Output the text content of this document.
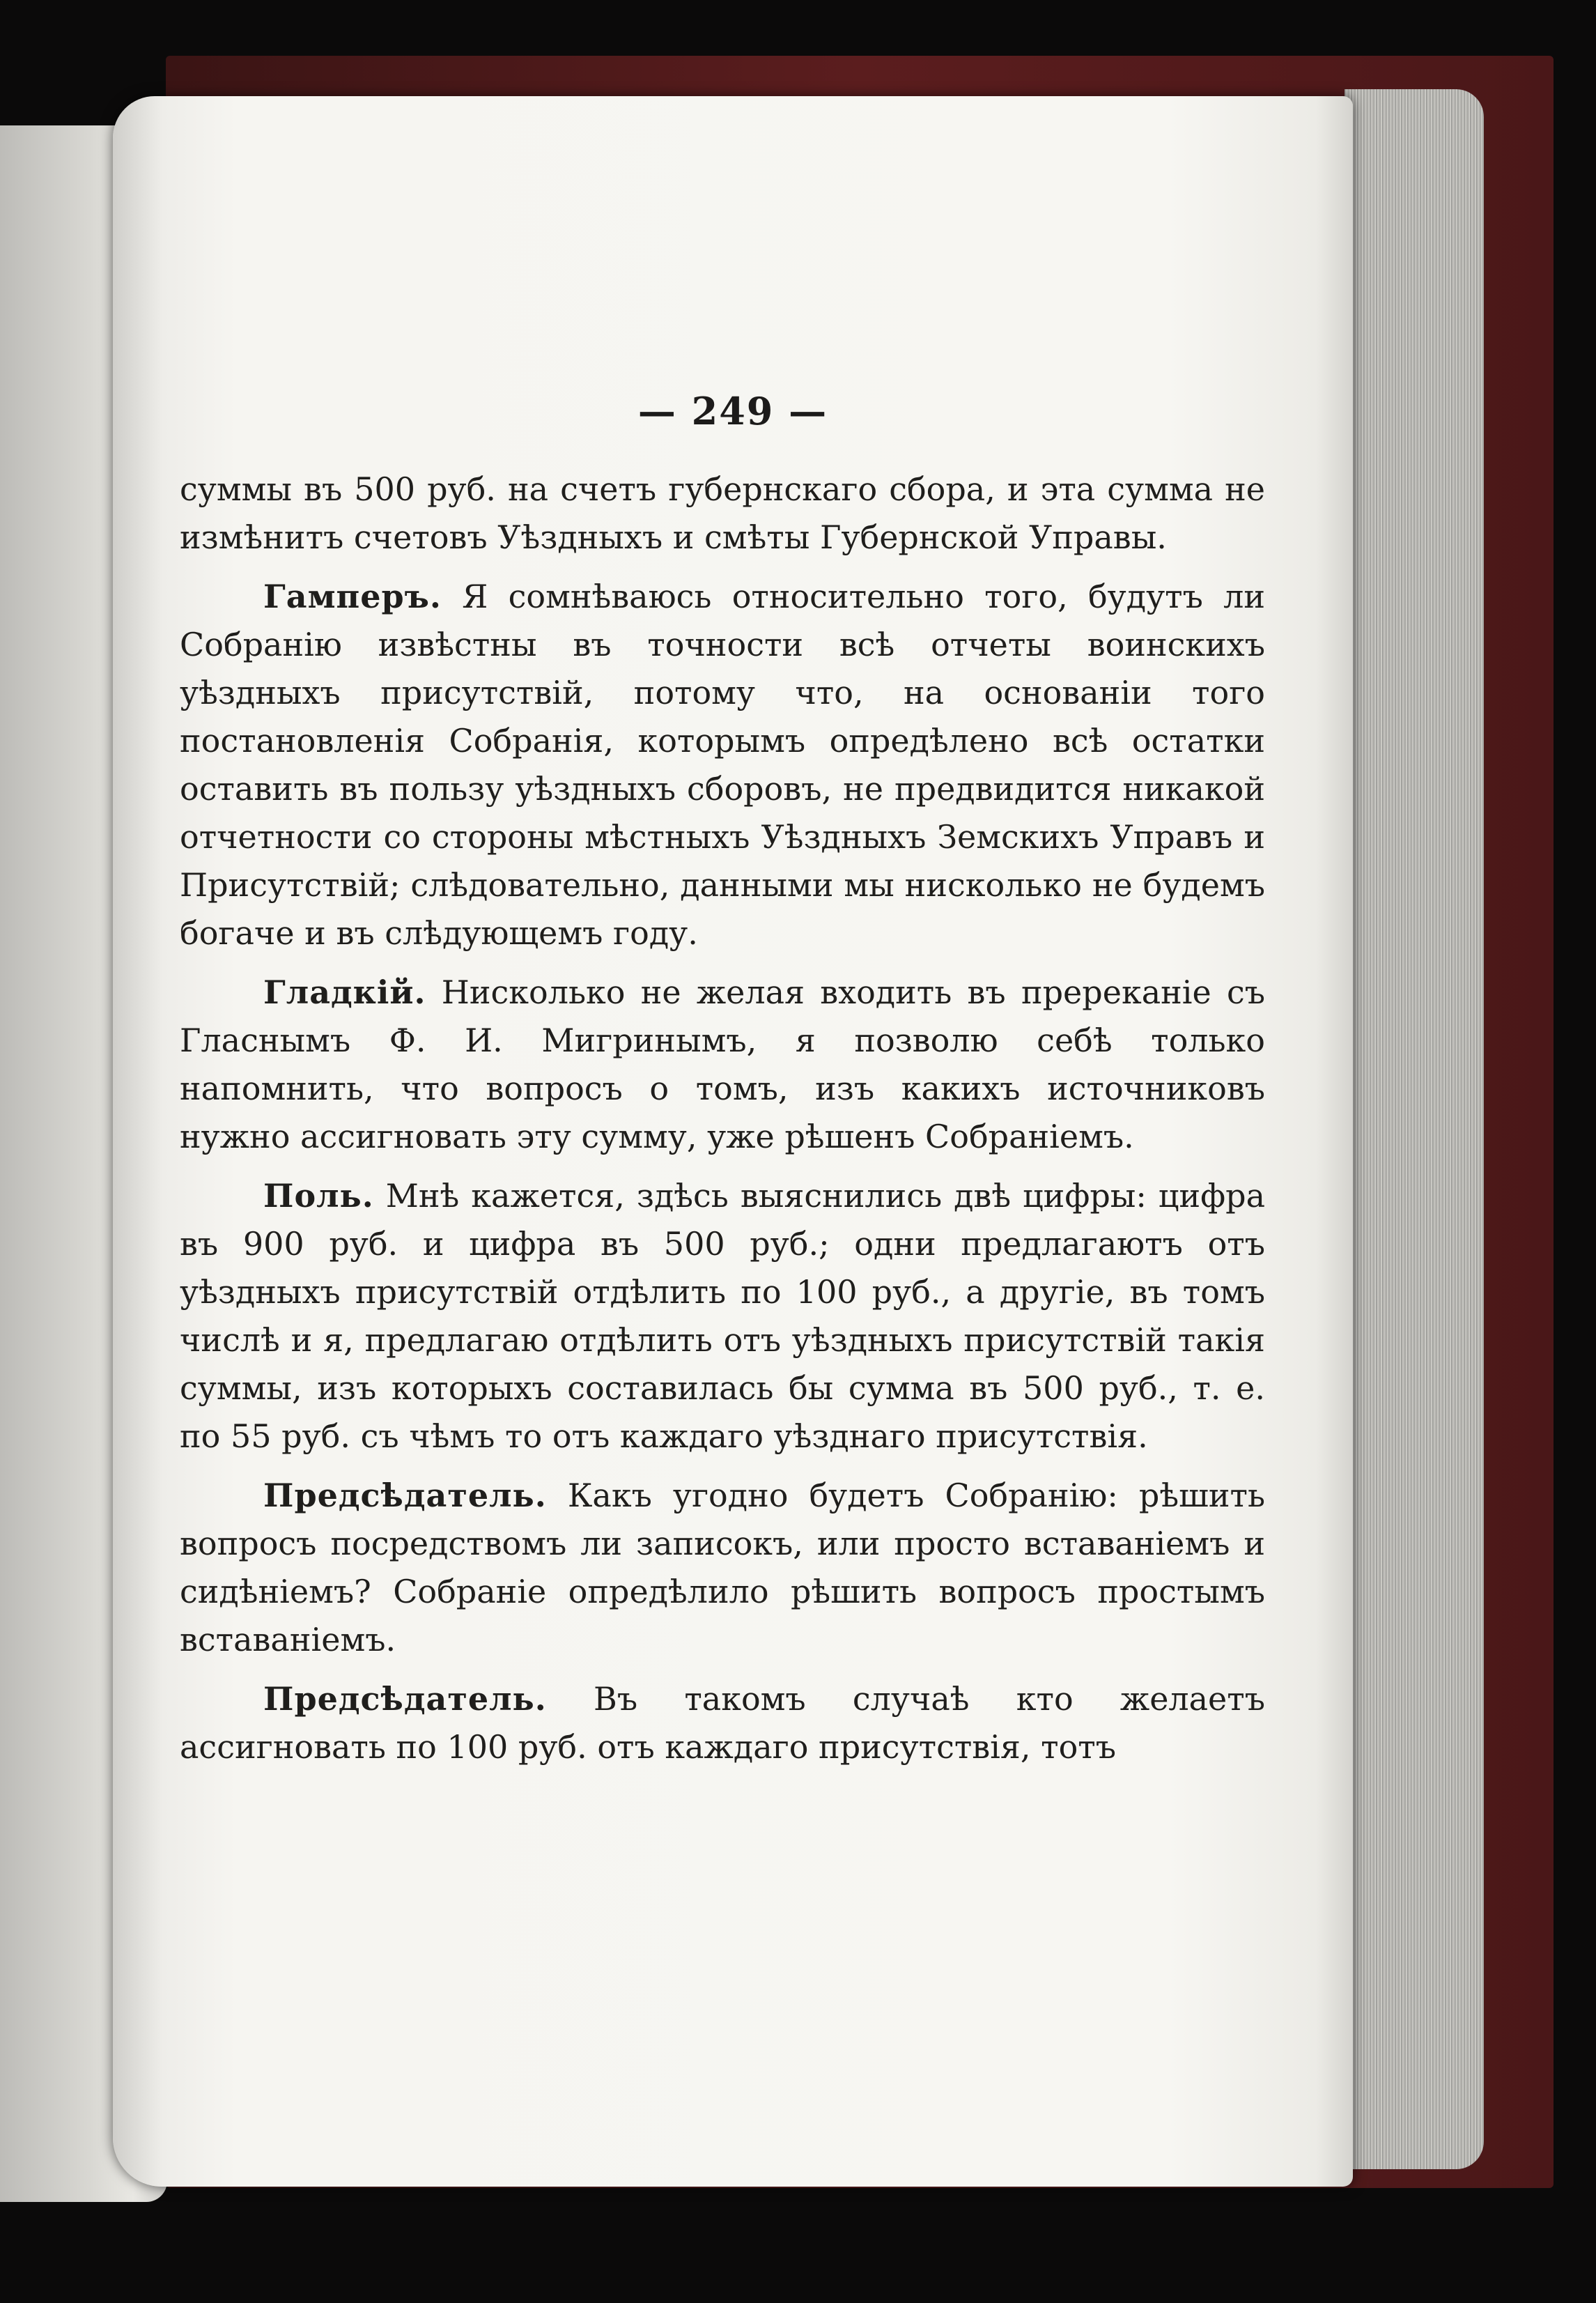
— 249 —

суммы въ 500 руб. на счетъ губернскаго сбора, и эта сумма не измѣнитъ счетовъ Уѣздныхъ и смѣты Губернской Управы.

Гамперъ. Я сомнѣваюсь относительно того, будутъ ли Собранію извѣстны въ точности всѣ отчеты воинскихъ уѣздныхъ присутствій, потому что, на основаніи того постановленія Собранія, которымъ опредѣлено всѣ остатки оставить въ пользу уѣздныхъ сборовъ, не предвидится никакой отчетности со стороны мѣстныхъ Уѣздныхъ Земскихъ Управъ и Присутствій; слѣдовательно, данными мы нисколько не будемъ богаче и въ слѣдующемъ году.

Гладкій. Нисколько не желая входить въ пререканіе съ Гласнымъ Ф. И. Мигринымъ, я позволю себѣ только напомнить, что вопросъ о томъ, изъ какихъ источниковъ нужно ассигновать эту сумму, уже рѣшенъ Собраніемъ.

Поль. Мнѣ кажется, здѣсь выяснились двѣ цифры: цифра въ 900 руб. и цифра въ 500 руб.; одни предлагаютъ отъ уѣздныхъ присутствій отдѣлить по 100 руб., а другіе, въ томъ числѣ и я, предлагаю отдѣлить отъ уѣздныхъ присутствій такія суммы, изъ которыхъ составилась бы сумма въ 500 руб., т. е. по 55 руб. съ чѣмъ то отъ каждаго уѣзднаго присутствія.

Предсѣдатель. Какъ угодно будетъ Собранію: рѣшить вопросъ посредствомъ ли записокъ, или просто вставаніемъ и сидѣніемъ? Собраніе опредѣлило рѣшить вопросъ простымъ вставаніемъ.

Предсѣдатель. Въ такомъ случаѣ кто желаетъ ассигновать по 100 руб. отъ каждаго присутствія, тотъ
